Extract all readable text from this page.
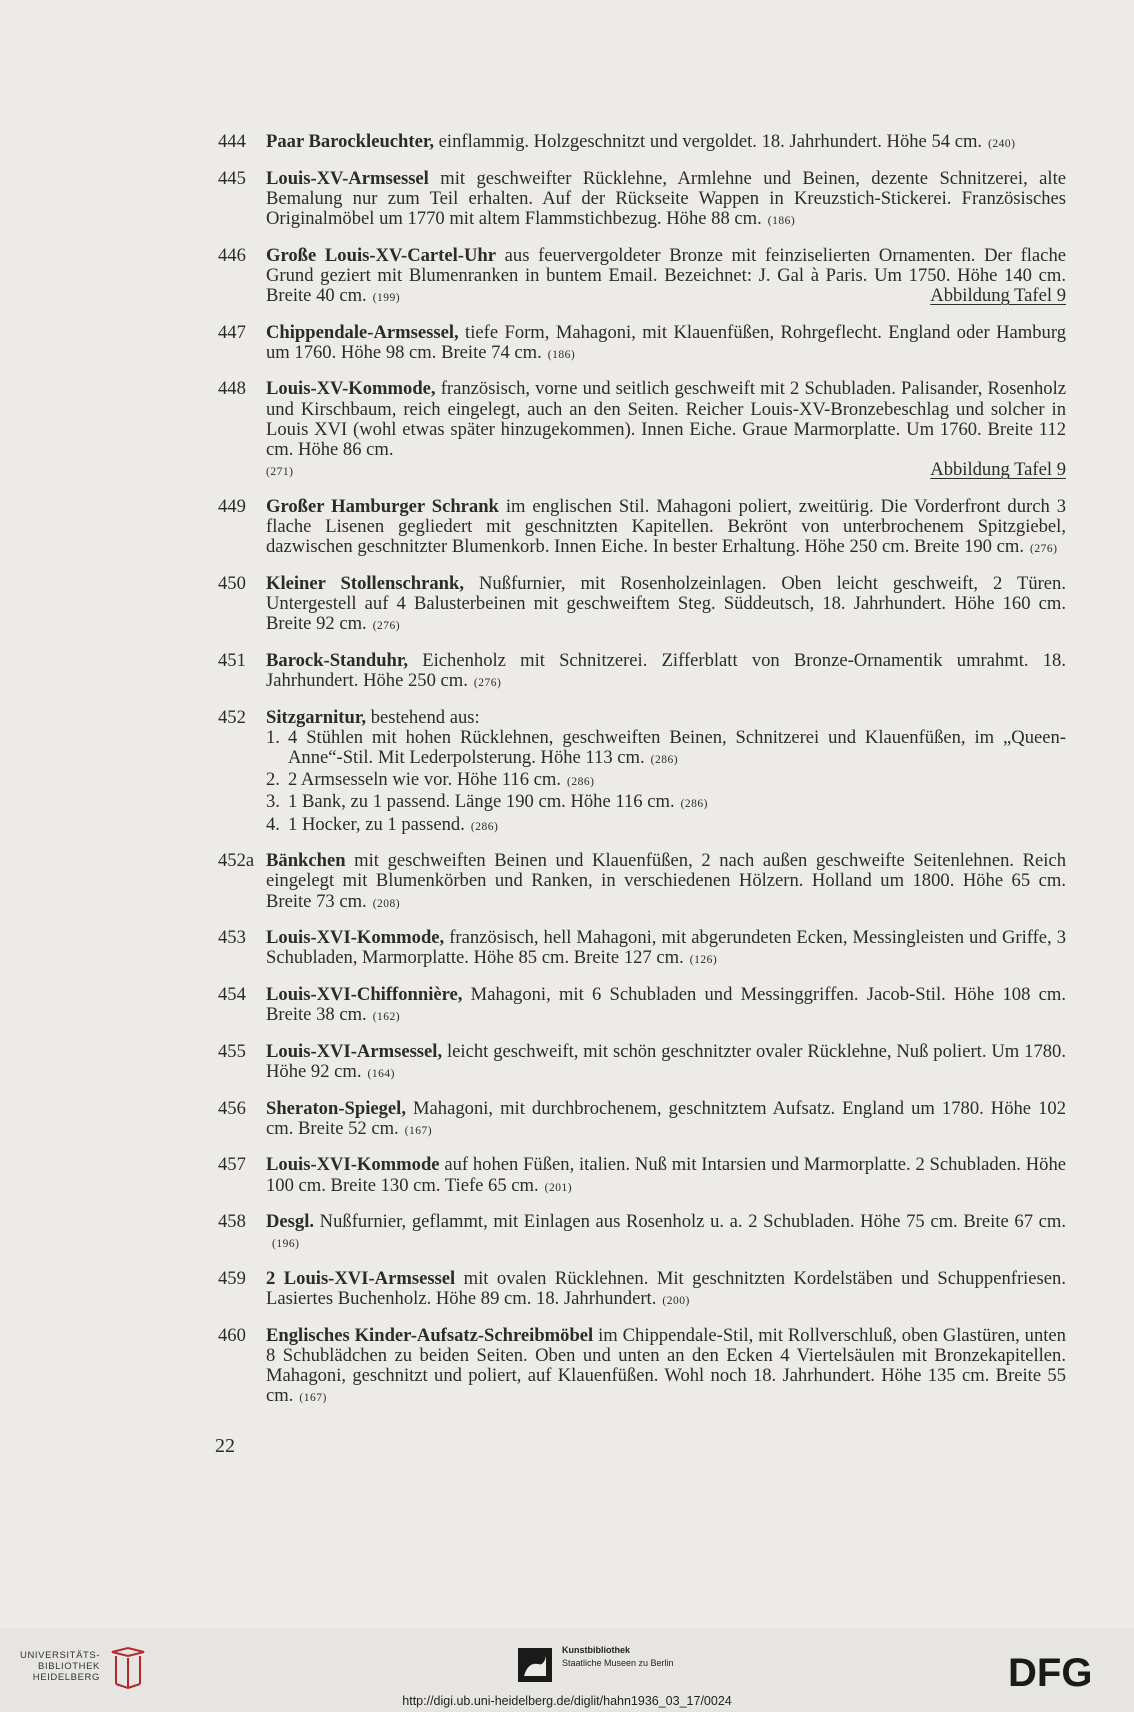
444 Paar Barockleuchter, einflammig. Holzgeschnitzt und vergoldet. 18. Jahrhundert. Höhe 54 cm. (240)
445 Louis-XV-Armsessel mit geschweifter Rücklehne, Armlehne und Beinen, dezente Schnitzerei, alte Bemalung nur zum Teil erhalten. Auf der Rückseite Wappen in Kreuzstich-Stickerei. Französisches Originalmöbel um 1770 mit altem Flammstichbezug. Höhe 88 cm. (186)
446 Große Louis-XV-Cartel-Uhr aus feuervergoldeter Bronze mit feinziselierten Ornamenten. Der flache Grund geziert mit Blumenranken in buntem Email. Bezeichnet: J. Gal à Paris. Um 1750. Höhe 140 cm. Breite 40 cm. (199)	Abbildung Tafel 9
447 Chippendale-Armsessel, tiefe Form, Mahagoni, mit Klauenfüßen, Rohrgeflecht. England oder Hamburg um 1760. Höhe 98 cm. Breite 74 cm. (186)
448 Louis-XV-Kommode, französisch, vorne und seitlich geschweift mit 2 Schubladen. Palisander, Rosenholz und Kirschbaum, reich eingelegt, auch an den Seiten. Reicher Louis-XV-Bronzebeschlag und solcher in Louis XVI (wohl etwas später hinzugekommen). Innen Eiche. Graue Marmorplatte. Um 1760. Breite 112 cm. Höhe 86 cm.
Abbildung Tafel 9
(271)
449 Großer Hamburger Schrank im englischen Stil. Mahagoni poliert, zweitürig. Die Vorderfront durch 3 flache Lisenen gegliedert mit geschnitzten Kapitellen. Bekrönt von unterbrochenem Spitzgiebel, dazwischen geschnitzter Blumenkorb. Innen Eiche. In bester Erhaltung. Höhe 250 cm. Breite 190 cm. (276)
450 Kleiner Stollenschrank, Nußfurnier, mit Rosenholzeinlagen. Oben leicht geschweift, 2 Türen. Untergestell auf 4 Balusterbeinen mit geschweiftem Steg. Süddeutsch, 18. Jahrhundert. Höhe 160 cm. Breite 92 cm. (276)
451 Barock-Standuhr, Eichenholz mit Schnitzerei. Zifferblatt von Bronze-Ornamentik umrahmt. 18. Jahrhundert. Höhe 250 cm. (276)
452 Sitzgarnitur, bestehend aus:
1. 4 Stühlen mit hohen Rücklehnen, geschweiften Beinen, Schnitzerei und Klauenfüßen, im „Queen-Anne“-Stil. Mit Lederpolsterung. Höhe 113 cm. (286)
2. 2 Armsesseln wie vor. Höhe 116 cm. (286)
3. 1 Bank, zu 1 passend. Länge 190 cm. Höhe 116 cm. (286)
4. 1 Hocker, zu 1 passend. (286)
452a Bänkchen mit geschweiften Beinen und Klauenfüßen, 2 nach außen geschweifte Seitenlehnen. Reich eingelegt mit Blumenkörben und Ranken, in verschiedenen Hölzern. Holland um 1800. Höhe 65 cm. Breite 73 cm. (208)
453 Louis-XVI-Kommode, französisch, hell Mahagoni, mit abgerundeten Ecken, Messingleisten und Griffe, 3 Schubladen, Marmorplatte. Höhe 85 cm. Breite 127 cm. (126)
454 Louis-XVI-Chiffonnière, Mahagoni, mit 6 Schubladen und Messinggriffen. Jacob-Stil. Höhe 108 cm. Breite 38 cm. (162)
455 Louis-XVI-Armsessel, leicht geschweift, mit schön geschnitzter ovaler Rücklehne, Nuß poliert. Um 1780. Höhe 92 cm. (164)
456 Sheraton-Spiegel, Mahagoni, mit durchbrochenem, geschnitztem Aufsatz. England um 1780. Höhe 102 cm. Breite 52 cm. (167)
457 Louis-XVI-Kommode auf hohen Füßen, italien. Nuß mit Intarsien und Marmorplatte. 2 Schubladen. Höhe 100 cm. Breite 130 cm. Tiefe 65 cm. (201)
458 Desgl. Nußfurnier, geflammt, mit Einlagen aus Rosenholz u. a. 2 Schubladen. Höhe 75 cm. Breite 67 cm.(196)
459 2 Louis-XVI-Armsessel mit ovalen Rücklehnen. Mit geschnitzten Kordelstäben und Schuppenfriesen. Lasiertes Buchenholz. Höhe 89 cm. 18. Jahrhundert. (200)
460 Englisches Kinder-Aufsatz-Schreibmöbel im Chippendale-Stil, mit Rollverschluß, oben Glastüren, unten 8 Schublädchen zu beiden Seiten. Oben und unten an den Ecken 4 Viertelsäulen mit Bronzekapitellen. Mahagoni, geschnitzt und poliert, auf Klauenfüßen. Wohl noch 18. Jahrhundert. Höhe 135 cm. Breite 55 cm. (167)
22
UNIVERSITÄTS-
BIBLIOTHEK
HEIDELBERG
Kunstbibliothek
Staatliche Museen zu Berlin	DFG
http://digi.ub.uni-heidelberg.de/diglit/hahn1936_03_17/0024
